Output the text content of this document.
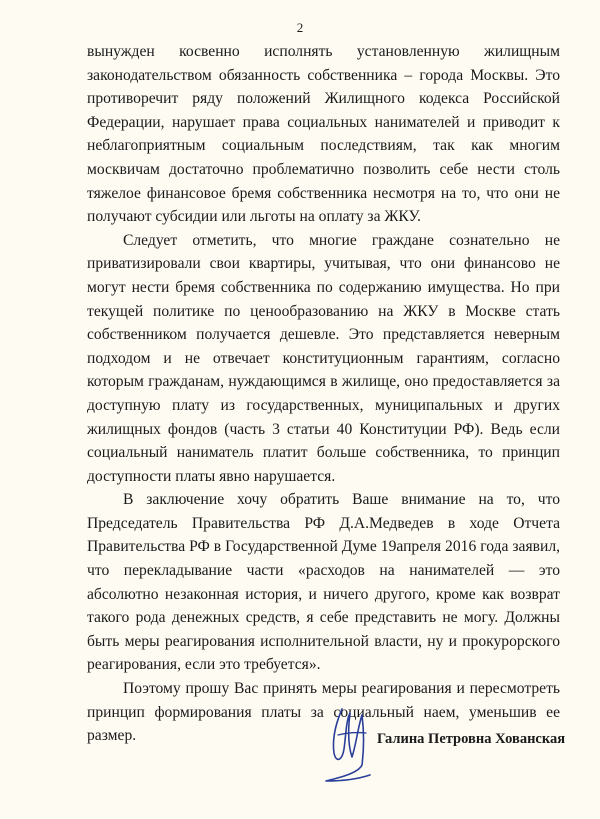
2

вынужден косвенно исполнять установленную жилищным законодательством обязанность собственника – города Москвы. Это противоречит ряду положений Жилищного кодекса Российской Федерации, нарушает права социальных нанимателей и приводит к неблагоприятным социальным последствиям, так как многим москвичам достаточно проблематично позволить себе нести столь тяжелое финансовое бремя собственника несмотря на то, что они не получают субсидии или льготы на оплату за ЖКУ.

Следует отметить, что многие граждане сознательно не приватизировали свои квартиры, учитывая, что они финансово не могут нести бремя собственника по содержанию имущества. Но при текущей политике по ценообразованию на ЖКУ в Москве стать собственником получается дешевле. Это представляется неверным подходом и не отвечает конституционным гарантиям, согласно которым гражданам, нуждающимся в жилище, оно предоставляется за доступную плату из государственных, муниципальных и других жилищных фондов (часть 3 статьи 40 Конституции РФ). Ведь если социальный наниматель платит больше собственника, то принцип доступности платы явно нарушается.

В заключение хочу обратить Ваше внимание на то, что Председатель Правительства РФ Д.А.Медведев в ходе Отчета Правительства РФ в Государственной Думе 19апреля 2016 года заявил, что перекладывание части «расходов на нанимателей — это абсолютно незаконная история, и ничего другого, кроме как возврат такого рода денежных средств, я себе представить не могу. Должны быть меры реагирования исполнительной власти, ну и прокурорского реагирования, если это требуется».

Поэтому прошу Вас принять меры реагирования и пересмотреть принцип формирования платы за социальный наем, уменьшив ее размер.	Галина Петровна Хованская
